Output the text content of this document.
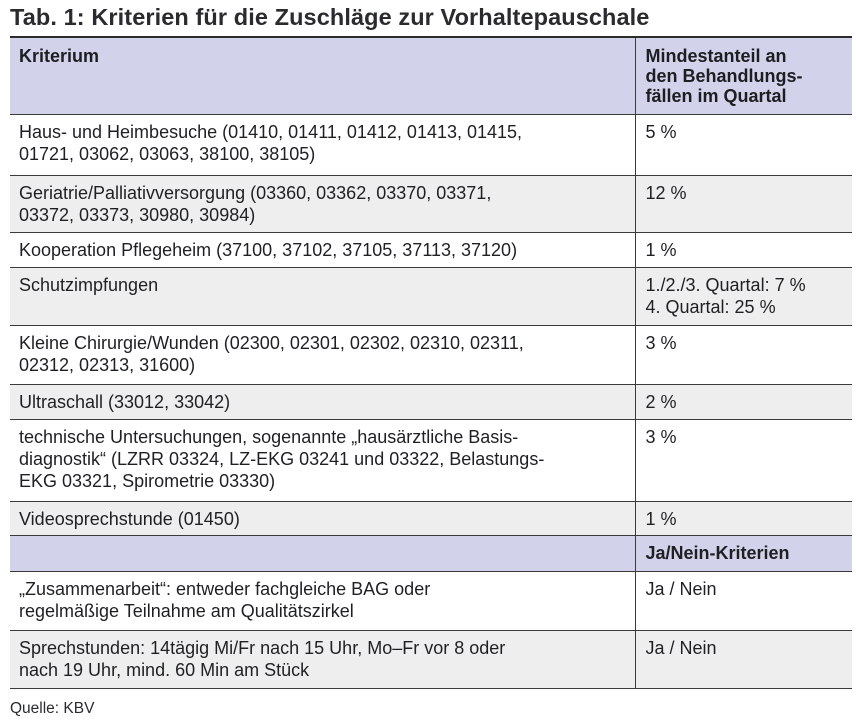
Tab. 1: Kriterien für die Zuschläge zur Vorhaltepauschale
Kriterium	Mindestanteil an
den Behandlungs-
fällen im Quartal

Haus- und Heimbesuche (01410, 01411, 01412, 01413, 01415,
01721, 03062, 03063, 38100, 38105)	5 %

Geriatrie/Palliativversorgung (03360, 03362, 03370, 03371,
03372, 03373, 30980, 30984)	12 %

Kooperation Pflegeheim (37100, 37102, 37105, 37113, 37120)	1 %

Schutzimpfungen	1./2./3. Quartal: 7 %
4. Quartal: 25 %

Kleine Chirurgie/Wunden (02300, 02301, 02302, 02310, 02311,
02312, 02313, 31600)	3 %

Ultraschall (33012, 33042)	2 %

technische Untersuchungen, sogenannte „hausärztliche Basis-
diagnostik“ (LZRR 03324, LZ-EKG 03241 und 03322, Belastungs-
EKG 03321, Spirometrie 03330)	3 %

Videosprechstunde (01450)	1 %

	Ja/Nein-Kriterien

„Zusammenarbeit“: entweder fachgleiche BAG oder
regelmäßige Teilnahme am Qualitätszirkel	Ja / Nein

Sprechstunden: 14tägig Mi/Fr nach 15 Uhr, Mo–Fr vor 8 oder
nach 19 Uhr, mind. 60 Min am Stück	Ja / Nein

Quelle: KBV
